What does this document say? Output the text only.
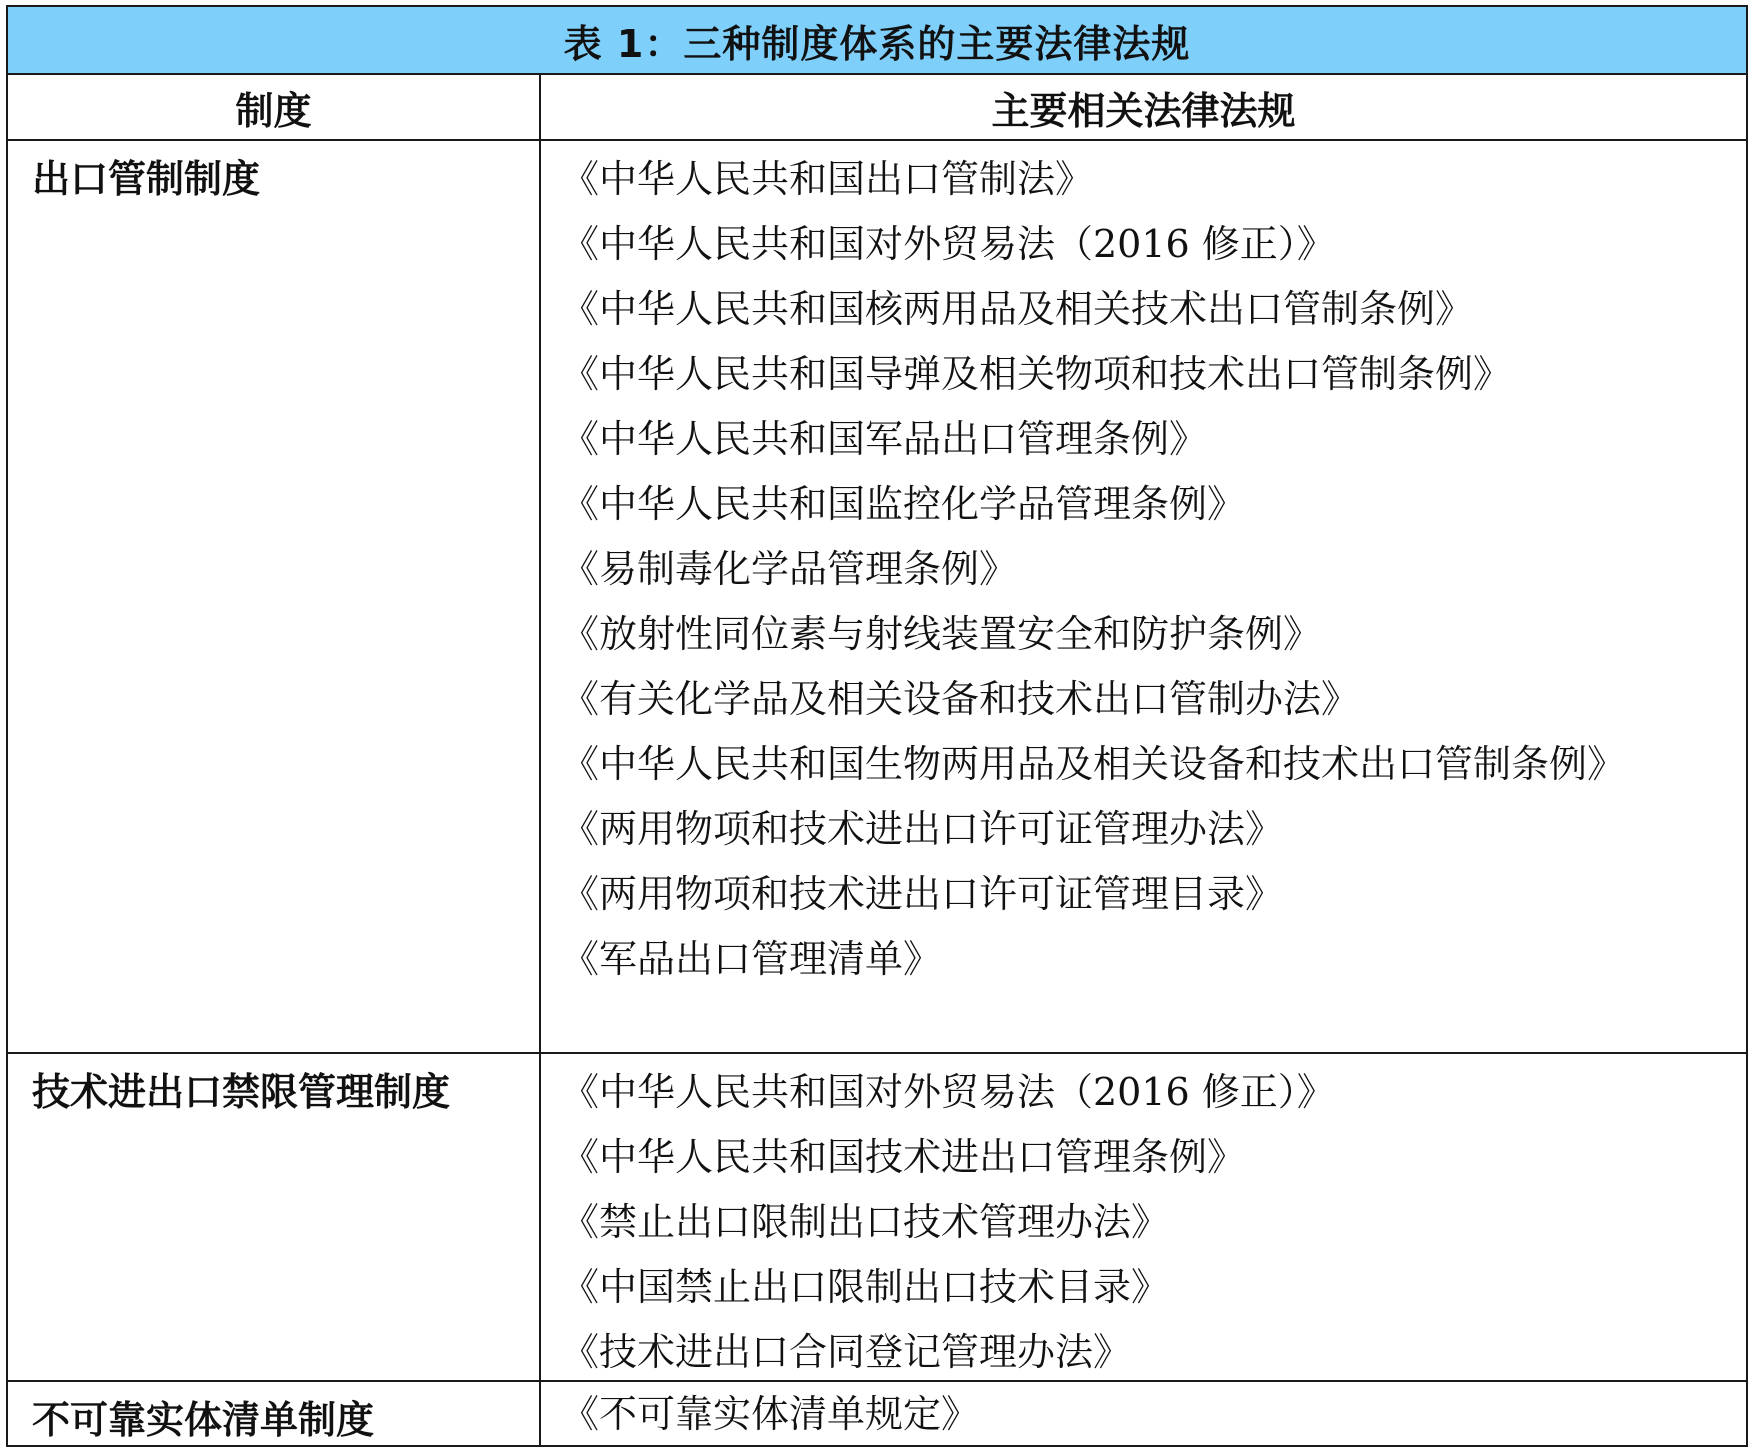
表 1：三种制度体系的主要法律法规
制度	主要相关法律法规
出口管制制度	《中华人民共和国出口管制法》
《中华人民共和国对外贸易法（2016 修正）》
《中华人民共和国核两用品及相关技术出口管制条例》
《中华人民共和国导弹及相关物项和技术出口管制条例》
《中华人民共和国军品出口管理条例》
《中华人民共和国监控化学品管理条例》
《易制毒化学品管理条例》
《放射性同位素与射线装置安全和防护条例》
《有关化学品及相关设备和技术出口管制办法》
《中华人民共和国生物两用品及相关设备和技术出口管制条例》
《两用物项和技术进出口许可证管理办法》
《两用物项和技术进出口许可证管理目录》
《军品出口管理清单》
技术进出口禁限管理制度	《中华人民共和国对外贸易法（2016 修正）》
《中华人民共和国技术进出口管理条例》
《禁止出口限制出口技术管理办法》
《中国禁止出口限制出口技术目录》
《技术进出口合同登记管理办法》
不可靠实体清单制度	《不可靠实体清单规定》
